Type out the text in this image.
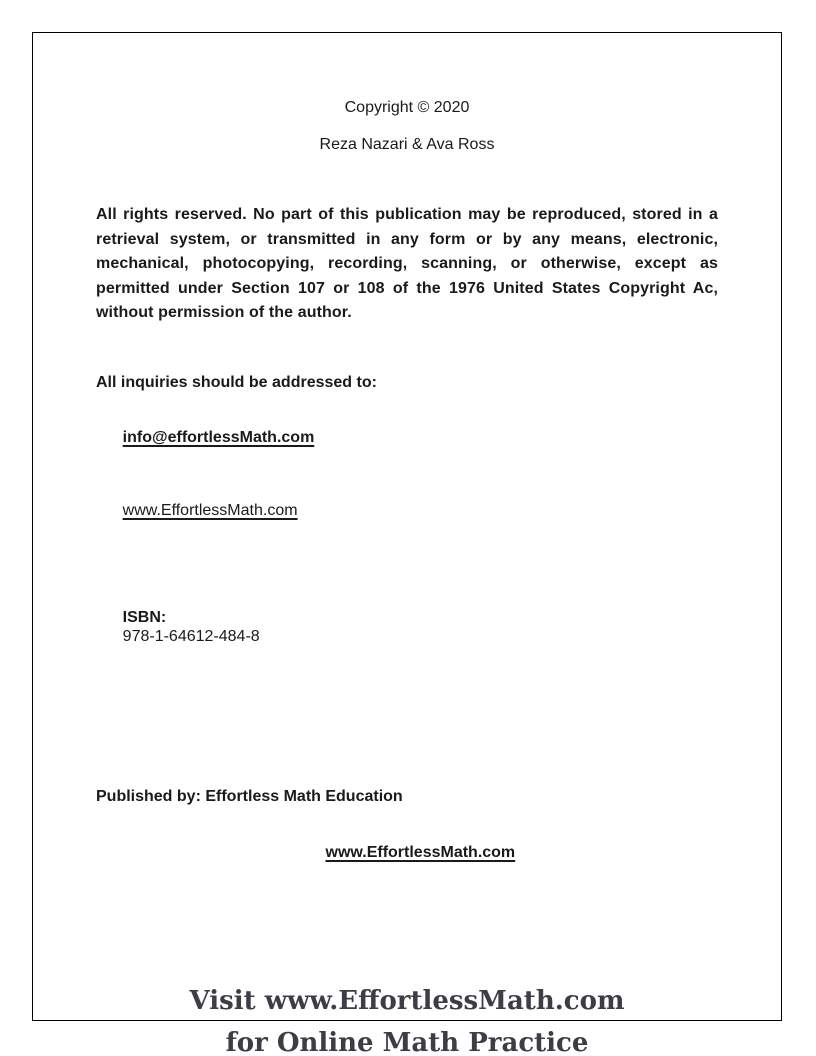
Copyright © 2020
Reza Nazari & Ava Ross
All rights reserved. No part of this publication may be reproduced, stored in a retrieval system, or transmitted in any form or by any means, electronic, mechanical, photocopying, recording, scanning, or otherwise, except as permitted under Section 107 or 108 of the 1976 United States Copyright Ac, without permission of the author.
All inquiries should be addressed to:

info@effortlessMath.com

www.EffortlessMath.com

ISBN:
978-1-64612-484-8

Published by: Effortless Math Education

www.EffortlessMath.com

Visit www.EffortlessMath.com
for Online Math Practice
